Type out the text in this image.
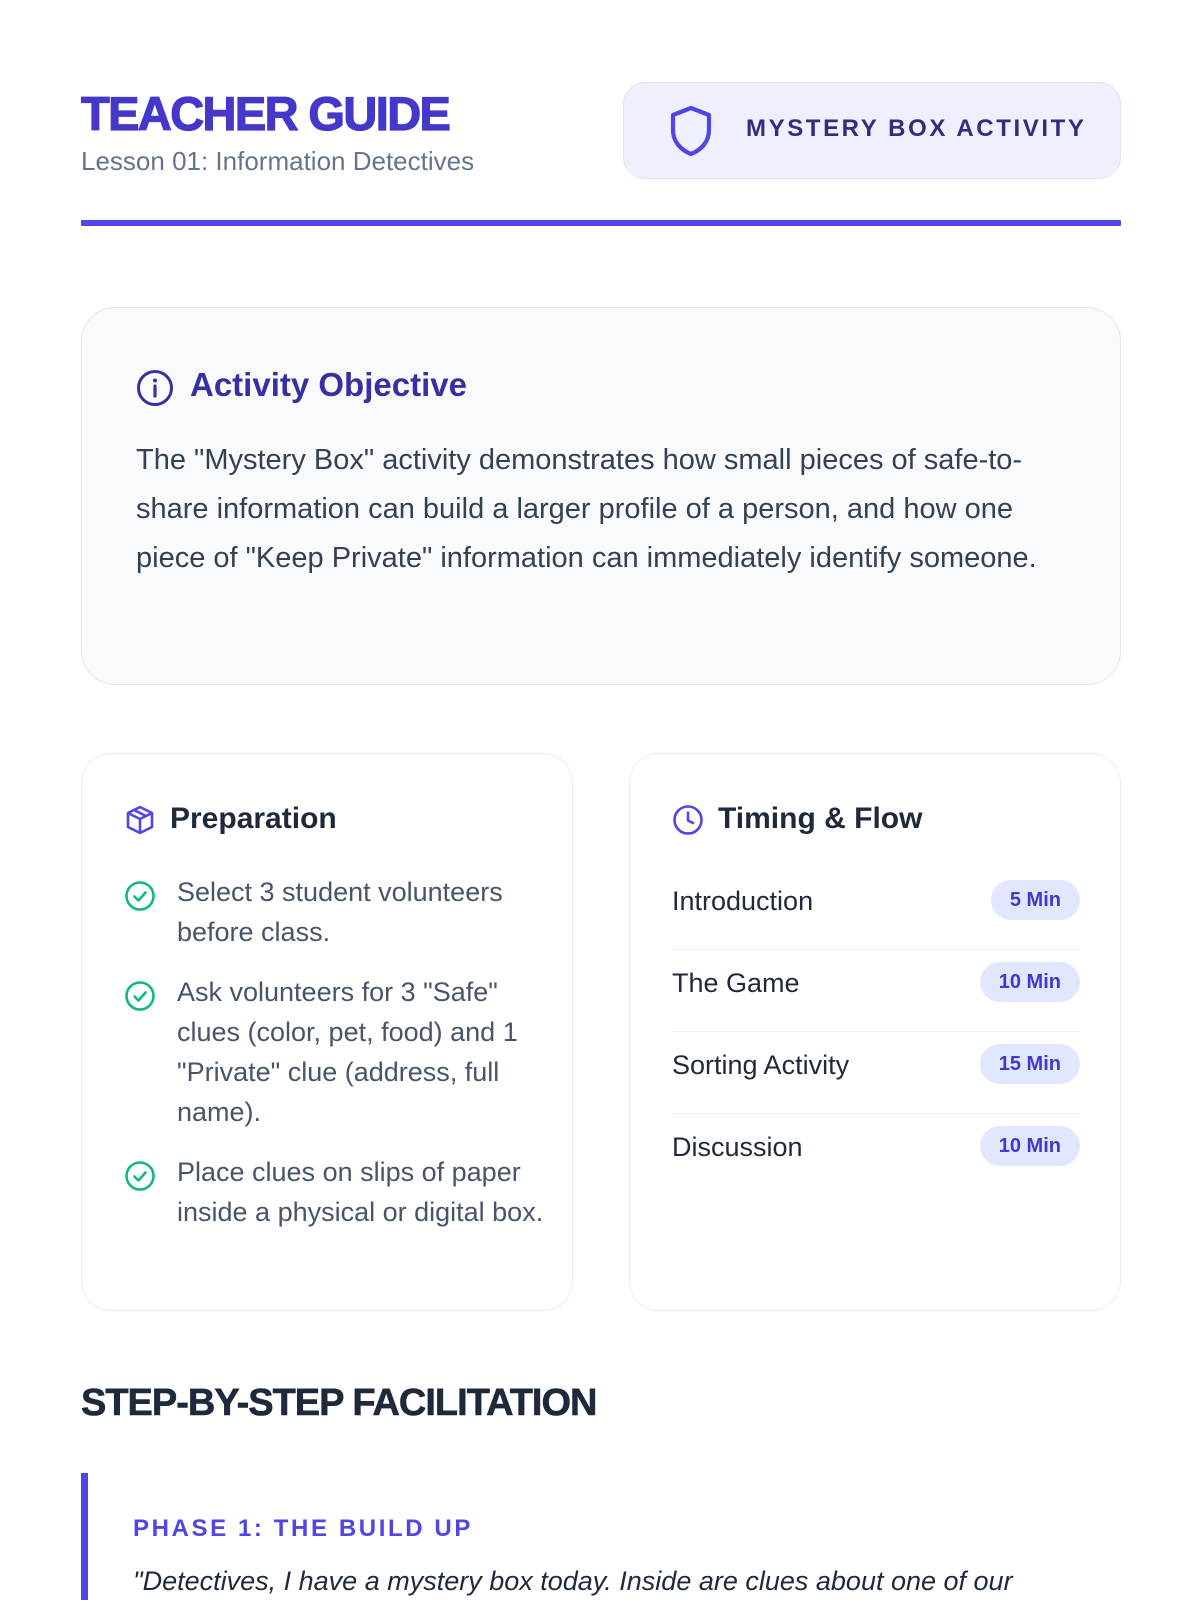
TEACHER GUIDE
Lesson 01: Information Detectives
MYSTERY BOX ACTIVITY
Activity Objective

The "Mystery Box" activity demonstrates how small pieces of safe-to-share information can build a larger profile of a person, and how one piece of "Keep Private" information can immediately identify someone.

Preparation
Select 3 student volunteers before class.
Ask volunteers for 3 "Safe" clues (color, pet, food) and 1 "Private" clue (address, full name).
Place clues on slips of paper inside a physical or digital box.
Timing & Flow
Introduction	5 Min
The Game	10 Min
Sorting Activity	15 Min
Discussion	10 Min
STEP-BY-STEP FACILITATION
PHASE 1: THE BUILD UP
"Detectives, I have a mystery box today. Inside are clues about one of our
